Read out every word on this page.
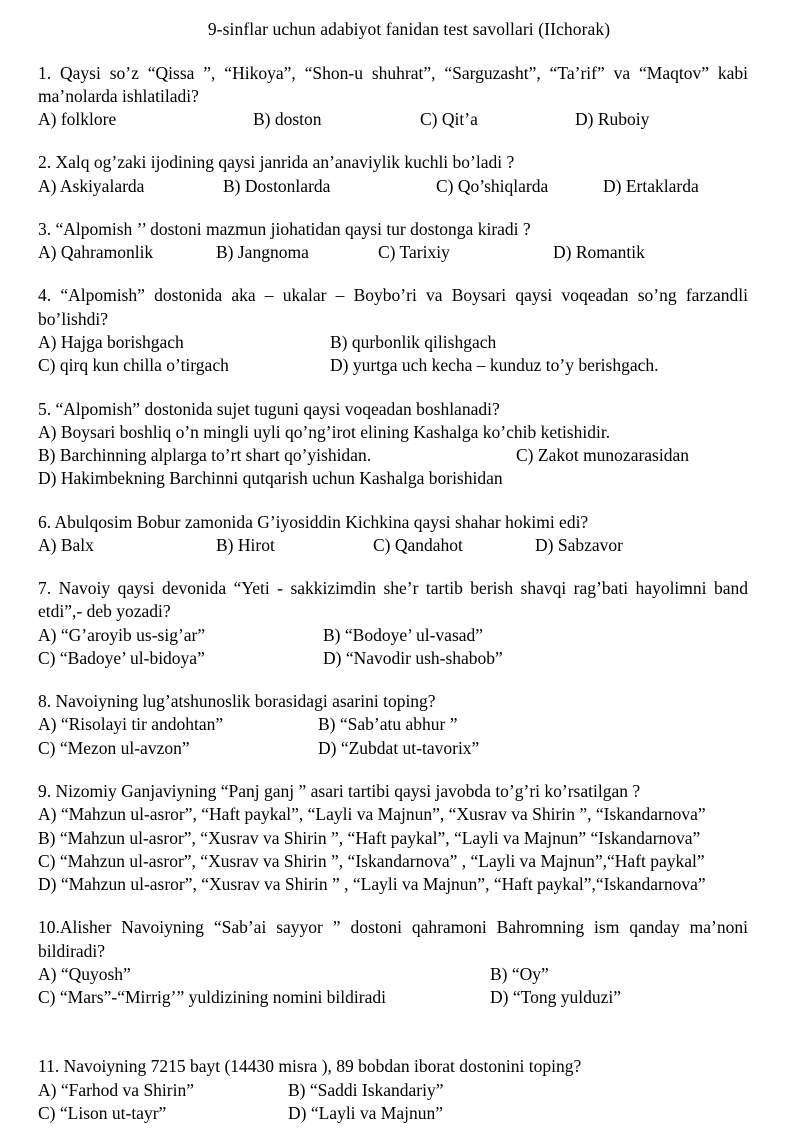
9-sinflar uchun adabiyot fanidan test savollari (IIchorak)

1. Qaysi so’z “Qissa ”, “Hikoya”, “Shon-u shuhrat”, “Sarguzasht”, “Ta’rif” va “Maqtov” kabi ma’nolarda ishlatiladi?

A) folklore	B) doston	C) Qit’a	D) Ruboiy

2. Xalq og’zaki ijodining qaysi janrida an’anaviylik kuchli bo’ladi ?

A) Askiyalarda	B) Dostonlarda	C) Qo’shiqlarda	D) Ertaklarda

3. “Alpomish ’’ dostoni mazmun jiohatidan qaysi tur dostonga kiradi ?

A) Qahramonlik	B) Jangnoma	C) Tarixiy	D) Romantik

4. “Alpomish” dostonida aka – ukalar – Boybo’ri va Boysari qaysi voqeadan so’ng farzandli bo’lishdi?

A) Hajga borishgach	B) qurbonlik qilishgach
C) qirq kun chilla o’tirgach	D) yurtga uch kecha – kunduz to’y berishgach.

5. “Alpomish” dostonida sujet tuguni qaysi voqeadan boshlanadi?

A) Boysari boshliq o’n mingli uyli qo’ng’irot elining Kashalga ko’chib ketishidir.
B) Barchinning alplarga to’rt shart qo’yishidan.	C) Zakot munozarasidan
D) Hakimbekning Barchinni qutqarish uchun Kashalga borishidan

6. Abulqosim Bobur zamonida G’iyosiddin Kichkina qaysi shahar hokimi edi?

A) Balx	B) Hirot	C) Qandahot	D) Sabzavor

7. Navoiy qaysi devonida “Yeti - sakkizimdin she’r tartib berish shavqi rag’bati hayolimni band etdi”,- deb yozadi?

A) “G’aroyib us-sig’ar”	B) “Bodoye’ ul-vasad”
C) “Badoye’ ul-bidoya”	D) “Navodir ush-shabob”

8. Navoiyning lug’atshunoslik borasidagi asarini toping?

A) “Risolayi tir andohtan”	B) “Sab’atu abhur ”
C) “Mezon ul-avzon”	D) “Zubdat ut-tavorix”

9. Nizomiy Ganjaviyning “Panj ganj ” asari tartibi qaysi javobda to’g’ri ko’rsatilgan ?

A) “Mahzun ul-asror”, “Haft paykal”, “Layli va Majnun”, “Xusrav va Shirin ”, “Iskandarnova”
B) “Mahzun ul-asror”, “Xusrav va Shirin ”, “Haft paykal”, “Layli va Majnun” “Iskandarnova”
C) “Mahzun ul-asror”, “Xusrav va Shirin ”, “Iskandarnova” , “Layli va Majnun”,“Haft paykal”
D) “Mahzun ul-asror”, “Xusrav va Shirin ” , “Layli va Majnun”, “Haft paykal”,“Iskandarnova”

10.Alisher Navoiyning “Sab’ai sayyor ” dostoni qahramoni Bahromning ism qanday ma’noni bildiradi?

A) “Quyosh”	B) “Oy”
C) “Mars”-“Mirrig’” yuldizining nomini bildiradi	D) “Tong yulduzi”

11. Navoiyning 7215 bayt (14430 misra ), 89 bobdan iborat dostonini toping?

A) “Farhod va Shirin”	B) “Saddi Iskandariy”
C) “Lison ut-tayr”	D) “Layli va Majnun”
